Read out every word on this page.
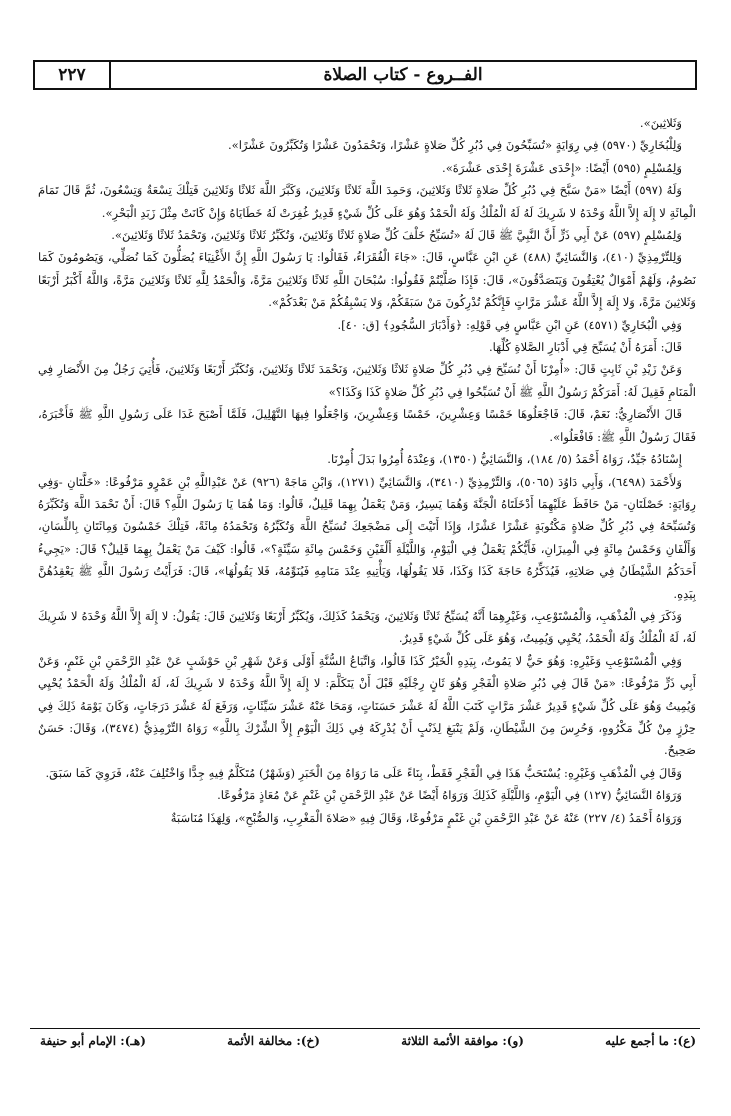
٢٢٧	الفــروع - كتاب الصلاة

وَثَلاثِينَ».

وَلِلْبُخَارِيِّ (٥٩٧٠) فِي رِوَايَةٍ «تُسَبِّحُونَ فِي دُبُرِ كُلِّ صَلاةٍ عَشْرًا، وَتَحْمَدُونَ عَشْرًا وَتُكَبِّرُونَ عَشْرًا».

وَلِمُسْلِمٍ (٥٩٥) أَيْضًا: «إِحْدَى عَشْرَةَ إِحْدَى عَشْرَةَ».

وَلَهُ (٥٩٧) أَيْضًا «مَنْ سَبَّحَ فِي دُبُرِ كُلِّ صَلاةٍ ثَلاثًا وَثَلاثِينَ، وَحَمِدَ اللَّهَ ثَلاثًا وَثَلاثِينَ، وَكَبَّرَ اللَّهَ ثَلاثًا وَثَلاثِينَ فَتِلْكَ تِسْعَةٌ وَتِسْعُونَ، ثُمَّ قَالَ تَمَامَ الْمِائَةِ لا إِلَهَ إِلاَّ اللَّهُ وَحْدَهُ لا شَرِيكَ لَهُ لَهُ الْمُلْكُ وَلَهُ الْحَمْدُ وَهُوَ عَلَى كُلِّ شَيْءٍ قَدِيرٌ غُفِرَتْ لَهُ خَطَايَاهُ وَإِنْ كَانَتْ مِثْلَ زَبَدِ الْبَحْرِ».

وَلِمُسْلِمٍ (٥٩٧) عَنْ أَبِي ذَرٍّ أَنَّ النَّبِيَّ ﷺ قَالَ لَهُ «تُسَبِّحُ خَلْفَ كُلِّ صَلاةٍ ثَلاثًا وَثَلاثِينَ، وَتُكَبِّرُ ثَلاثًا وَثَلاثِينَ، وَتَحْمَدُ ثَلاثًا وَثَلاثِينَ».

وَلِلتِّرْمِذِيِّ (٤١٠)، وَالنَّسَائِيِّ (٤٨٨) عَنِ ابْنِ عَبَّاسٍ، قَالَ: «جَاءَ الْفُقَرَاءُ، فَقَالُوا: يَا رَسُولَ اللَّهِ إِنَّ الأَغْنِيَاءَ يُصَلُّونَ كَمَا نُصَلِّي، وَيَصُومُونَ كَمَا نَصُومُ، وَلَهُمْ أَمْوَالٌ يُعْتِقُونَ وَيَتَصَدَّقُونَ»، قَالَ: فَإِذَا صَلَّيْتُمْ فَقُولُوا: سُبْحَانَ اللَّهِ ثَلاثًا وَثَلاثِينَ مَرَّةً، وَالْحَمْدُ لِلَّهِ ثَلاثًا وَثَلاثِينَ مَرَّةً، وَاللَّهُ أَكْبَرُ أَرْبَعًا وَثَلاثِينَ مَرَّةً، وَلا إِلَهَ إِلاَّ اللَّهُ عَشْرَ مَرَّاتٍ فَإِنَّكُمْ تُدْرِكُونَ مَنْ سَبَقَكُمْ، وَلا يَسْبِقُكُمْ مَنْ بَعْدَكُمْ».

وَفِي الْبُخَارِيِّ (٤٥٧١) عَنِ ابْنِ عَبَّاسٍ فِي قَوْلِهِ: ﴿وَأَدْبَارَ السُّجُودِ﴾ [ق: ٤٠].

قَالَ: أَمَرَهُ أَنْ يُسَبِّحَ فِي أَدْبَارِ الصَّلاةِ كُلِّهَا.

وَعَنْ زَيْدِ بْنِ ثَابِتٍ قَالَ: «أُمِرْنَا أَنْ نُسَبِّحَ فِي دُبُرِ كُلِّ صَلاةٍ ثَلاثًا وَثَلاثِينَ، وَنَحْمَدَ ثَلاثًا وَثَلاثِينَ، وَنُكَبِّرَ أَرْبَعًا وَثَلاثِينَ، فَأُتِيَ رَجُلٌ مِنَ الأَنْصَارِ فِي الْمَنَامِ فَقِيلَ لَهُ: أَمَرَكُمْ رَسُولُ اللَّهِ ﷺ أَنْ تُسَبِّحُوا فِي دُبُرِ كُلِّ صَلاةٍ كَذَا وَكَذَا؟»

قَالَ الأَنْصَارِيُّ: نَعَمْ، قَالَ: فَاجْعَلُوهَا خَمْسًا وَعِشْرِينَ، خَمْسًا وَعِشْرِينَ، وَاجْعَلُوا فِيهَا التَّهْلِيلَ، فَلَمَّا أَصْبَحَ غَدَا عَلَى رَسُولِ اللَّهِ ﷺ فَأَخْبَرَهُ، فَقَالَ رَسُولُ اللَّهِ ﷺ: فَافْعَلُوا».

إِسْنَادُهُ جَيِّدٌ، رَوَاهُ أَحْمَدُ (٥/ ١٨٤)، وَالنَّسَائِيُّ (١٣٥٠)، وَعِنْدَهُ أُمِرُوا بَدَلَ أُمِرْنَا.

وَلأَحْمَدَ (٦٤٩٨)، وَأَبِي دَاوُدَ (٥٠٦٥)، وَالتِّرْمِذِيِّ (٣٤١٠)، وَالنَّسَائِيِّ (١٢٧١)، وَابْنِ مَاجَهْ (٩٢٦) عَنْ عَبْدِاللَّهِ بْنِ عَمْرٍو مَرْفُوعًا: «خَلَّتَانِ -وَفِي رِوَايَةٍ: خَصْلَتَانِ- مَنْ حَافَظَ عَلَيْهِمَا أَدْخَلَتَاهُ الْجَنَّةَ وَهُمَا يَسِيرٌ، وَمَنْ يَعْمَلُ بِهِمَا قَلِيلٌ، قَالُوا: وَمَا هُمَا يَا رَسُولَ اللَّهِ؟ قَالَ: أَنْ تَحْمَدَ اللَّهَ وَتُكَبِّرَهُ وَتُسَبِّحَهُ فِي دُبُرِ كُلِّ صَلاةٍ مَكْتُوبَةٍ عَشْرًا عَشْرًا، وَإِذَا أَتَيْتَ إِلَى مَضْجَعِكَ تُسَبِّحُ اللَّهَ وَتُكَبِّرُهُ وَتَحْمَدُهُ مِائَةً، فَتِلْكَ خَمْسُونَ وَمِائَتَانِ بِاللِّسَانِ، وَأَلْفَانِ وَخَمْسُ مِائَةٍ فِي الْمِيزَانِ، فَأَيُّكُمْ يَعْمَلُ فِي الْيَوْمِ، وَاللَّيْلَةِ أَلْفَيْنِ وَخَمْسَ مِائَةِ سَيِّئَةٍ؟»، قَالُوا: كَيْفَ مَنْ يَعْمَلُ بِهِمَا قَلِيلٌ؟ قَالَ: «يَجِيءُ أَحَدَكُمُ الشَّيْطَانُ فِي صَلاتِهِ، فَيُذَكِّرُهُ حَاجَةَ كَذَا وَكَذَا، فَلا يَقُولُهَا، وَيَأْتِيهِ عِنْدَ مَنَامِهِ فَيُنَوِّمُهُ، فَلا يَقُولُهَا»، قَالَ: فَرَأَيْتُ رَسُولَ اللَّهِ ﷺ يَعْقِدُهُنَّ بِيَدِهِ.

وَذَكَرَ فِي الْمُذْهَبِ، وَالْمُسْتَوْعِبِ، وَغَيْرِهِمَا أَنَّهُ يُسَبِّحُ ثَلاثًا وَثَلاثِينَ، وَيَحْمَدُ كَذَلِكَ، وَيُكَبِّرُ أَرْبَعًا وَثَلاثِينَ قَالَ: يَقُولُ: لا إِلَهَ إِلاَّ اللَّهُ وَحْدَهُ لا شَرِيكَ لَهُ، لَهُ الْمُلْكُ وَلَهُ الْحَمْدُ، يُحْيِي وَيُمِيتُ، وَهُوَ عَلَى كُلِّ شَيْءٍ قَدِيرٌ.

وَفِي الْمُسْتَوْعِبِ وَغَيْرِهِ: وَهُوَ حَيٌّ لا يَمُوتُ، بِيَدِهِ الْخَيْرُ كَذَا قَالُوا، وَاتِّبَاعُ السُّنَّةِ أَوْلَى وَعَنْ شَهْرِ بْنِ حَوْشَبٍ عَنْ عَبْدِ الرَّحْمَنِ بْنِ غَنْمٍ، وَعَنْ أَبِي ذَرٍّ مَرْفُوعًا: «مَنْ قَالَ فِي دُبُرِ صَلاةِ الْفَجْرِ وَهُوَ ثَانٍ رِجْلَيْهِ قَبْلَ أَنْ يَتَكَلَّمَ: لا إِلَهَ إِلاَّ اللَّهُ وَحْدَهُ لا شَرِيكَ لَهُ، لَهُ الْمُلْكُ وَلَهُ الْحَمْدُ يُحْيِي وَيُمِيتُ وَهُوَ عَلَى كُلِّ شَيْءٍ قَدِيرٌ عَشْرَ مَرَّاتٍ كَتَبَ اللَّهُ لَهُ عَشْرَ حَسَنَاتٍ، وَمَحَا عَنْهُ عَشْرَ سَيِّئَاتٍ، وَرَفَعَ لَهُ عَشْرَ دَرَجَاتٍ، وَكَانَ يَوْمَهُ ذَلِكَ فِي حِرْزٍ مِنْ كُلِّ مَكْرُوهٍ، وَحُرِسَ مِنَ الشَّيْطَانِ، وَلَمْ يَنْبَغِ لِذَنْبٍ أَنْ يُدْرِكَهُ فِي ذَلِكَ الْيَوْمِ إِلاَّ الشِّرْكَ بِاللَّهِ» رَوَاهُ التِّرْمِذِيُّ (٣٤٧٤)، وَقَالَ: حَسَنٌ صَحِيحٌ.

وَقَالَ فِي الْمُذْهَبِ وَغَيْرِهِ: يُسْتَحَبُّ هَذَا فِي الْفَجْرِ فَقَطْ، بِنَاءً عَلَى مَا رَوَاهُ مِنَ الْخَبَرِ (وَشَهْرٌ) مُتَكَلَّمٌ فِيهِ جِدًّا وَاخْتُلِفَ عَنْهُ، فَرَوِيَ كَمَا سَبَقَ.

وَرَوَاهُ النَّسَائِيُّ (١٢٧) فِي الْيَوْمِ، وَاللَّيْلَةِ كَذَلِكَ وَرَوَاهُ أَيْضًا عَنْ عَبْدِ الرَّحْمَنِ بْنِ غَنْمٍ عَنْ مُعَاذٍ مَرْفُوعًا.

وَرَوَاهُ أَحْمَدُ (٤/ ٢٢٧) عَنْهُ عَنْ عَبْدِ الرَّحْمَنِ بْنِ غَنْمٍ مَرْفُوعًا، وَقَالَ فِيهِ «صَلاةَ الْمَغْرِبِ، وَالصُّبْحِ»، وَلِهَذَا مُنَاسَبَةٌ

(ع): ما أجمع عليه
(و): موافقة الأئمة الثلاثة
(خ): مخالفة الأئمة
(هـ): الإمام أبو حنيفة
